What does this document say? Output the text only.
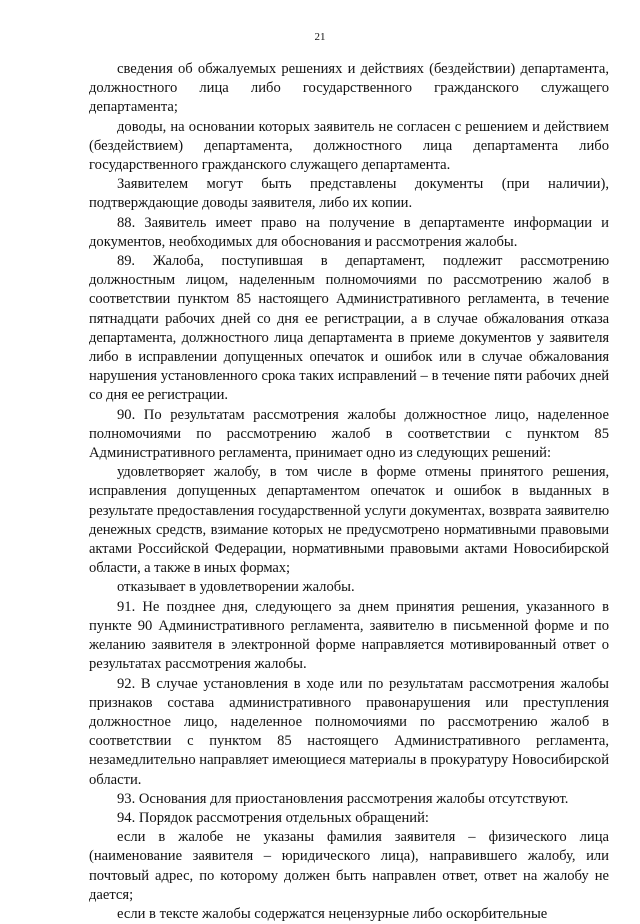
21

сведения об обжалуемых решениях и действиях (бездействии) департамента, должностного лица либо государственного гражданского служащего департамента;

доводы, на основании которых заявитель не согласен с решением и действием (бездействием) департамента, должностного лица департамента либо государственного гражданского служащего департамента.

Заявителем могут быть представлены документы (при наличии), подтверждающие доводы заявителя, либо их копии.

88. Заявитель имеет право на получение в департаменте информации и документов, необходимых для обоснования и рассмотрения жалобы.

89. Жалоба, поступившая в департамент, подлежит рассмотрению должностным лицом, наделенным полномочиями по рассмотрению жалоб в соответствии пунктом 85 настоящего Административного регламента, в течение пятнадцати рабочих дней со дня ее регистрации, а в случае обжалования отказа департамента, должностного лица департамента в приеме документов у заявителя либо в исправлении допущенных опечаток и ошибок или в случае обжалования нарушения установленного срока таких исправлений – в течение пяти рабочих дней со дня ее регистрации.

90. По результатам рассмотрения жалобы должностное лицо, наделенное полномочиями по рассмотрению жалоб в соответствии с пунктом 85 Административного регламента, принимает одно из следующих решений:

удовлетворяет жалобу, в том числе в форме отмены принятого решения, исправления допущенных департаментом опечаток и ошибок в выданных в результате предоставления государственной услуги документах, возврата заявителю денежных средств, взимание которых не предусмотрено нормативными правовыми актами Российской Федерации, нормативными правовыми актами Новосибирской области, а также в иных формах;

отказывает в удовлетворении жалобы.

91. Не позднее дня, следующего за днем принятия решения, указанного в пункте 90 Административного регламента, заявителю в письменной форме и по желанию заявителя в электронной форме направляется мотивированный ответ о результатах рассмотрения жалобы.

92. В случае установления в ходе или по результатам рассмотрения жалобы признаков состава административного правонарушения или преступления должностное лицо, наделенное полномочиями по рассмотрению жалоб в соответствии с пунктом 85 настоящего Административного регламента, незамедлительно направляет имеющиеся материалы в прокуратуру Новосибирской области.

93. Основания для приостановления рассмотрения жалобы отсутствуют.

94. Порядок рассмотрения отдельных обращений:

если в жалобе не указаны фамилия заявителя – физического лица (наименование заявителя – юридического лица), направившего жалобу, или почтовый адрес, по которому должен быть направлен ответ, ответ на жалобу не дается;

если в тексте жалобы содержатся нецензурные либо оскорбительные
